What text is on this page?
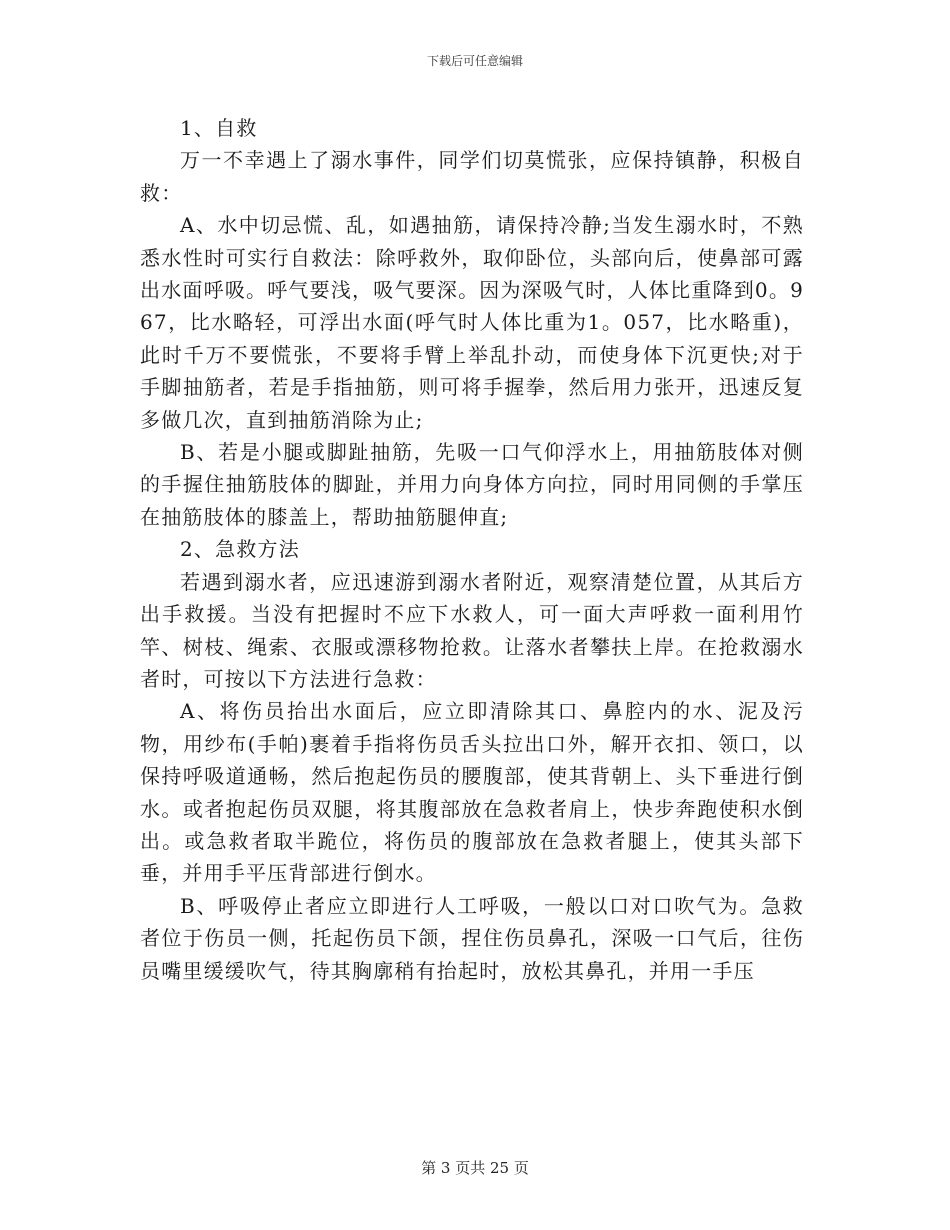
下载后可任意编辑

1、自救

万一不幸遇上了溺水事件，同学们切莫慌张，应保持镇静，积极自救：

A、水中切忌慌、乱，如遇抽筋，请保持冷静;当发生溺水时，不熟悉水性时可实行自救法：除呼救外，取仰卧位，头部向后，使鼻部可露出水面呼吸。呼气要浅，吸气要深。因为深吸气时，人体比重降到0。967，比水略轻，可浮出水面(呼气时人体比重为1。057，比水略重)，此时千万不要慌张，不要将手臂上举乱扑动，而使身体下沉更快;对于手脚抽筋者，若是手指抽筋，则可将手握拳，然后用力张开，迅速反复多做几次，直到抽筋消除为止;

B、若是小腿或脚趾抽筋，先吸一口气仰浮水上，用抽筋肢体对侧的手握住抽筋肢体的脚趾，并用力向身体方向拉，同时用同侧的手掌压在抽筋肢体的膝盖上，帮助抽筋腿伸直;

2、急救方法

若遇到溺水者，应迅速游到溺水者附近，观察清楚位置，从其后方出手救援。当没有把握时不应下水救人，可一面大声呼救一面利用竹竿、树枝、绳索、衣服或漂移物抢救。让落水者攀扶上岸。在抢救溺水者时，可按以下方法进行急救：

A、将伤员抬出水面后，应立即清除其口、鼻腔内的水、泥及污物，用纱布(手帕)裹着手指将伤员舌头拉出口外，解开衣扣、领口，以保持呼吸道通畅，然后抱起伤员的腰腹部，使其背朝上、头下垂进行倒水。或者抱起伤员双腿，将其腹部放在急救者肩上，快步奔跑使积水倒出。或急救者取半跪位，将伤员的腹部放在急救者腿上，使其头部下垂，并用手平压背部进行倒水。

B、呼吸停止者应立即进行人工呼吸，一般以口对口吹气为。急救者位于伤员一侧，托起伤员下颌，捏住伤员鼻孔，深吸一口气后，往伤员嘴里缓缓吹气，待其胸廓稍有抬起时，放松其鼻孔，并用一手压

第 3 页共 25 页
